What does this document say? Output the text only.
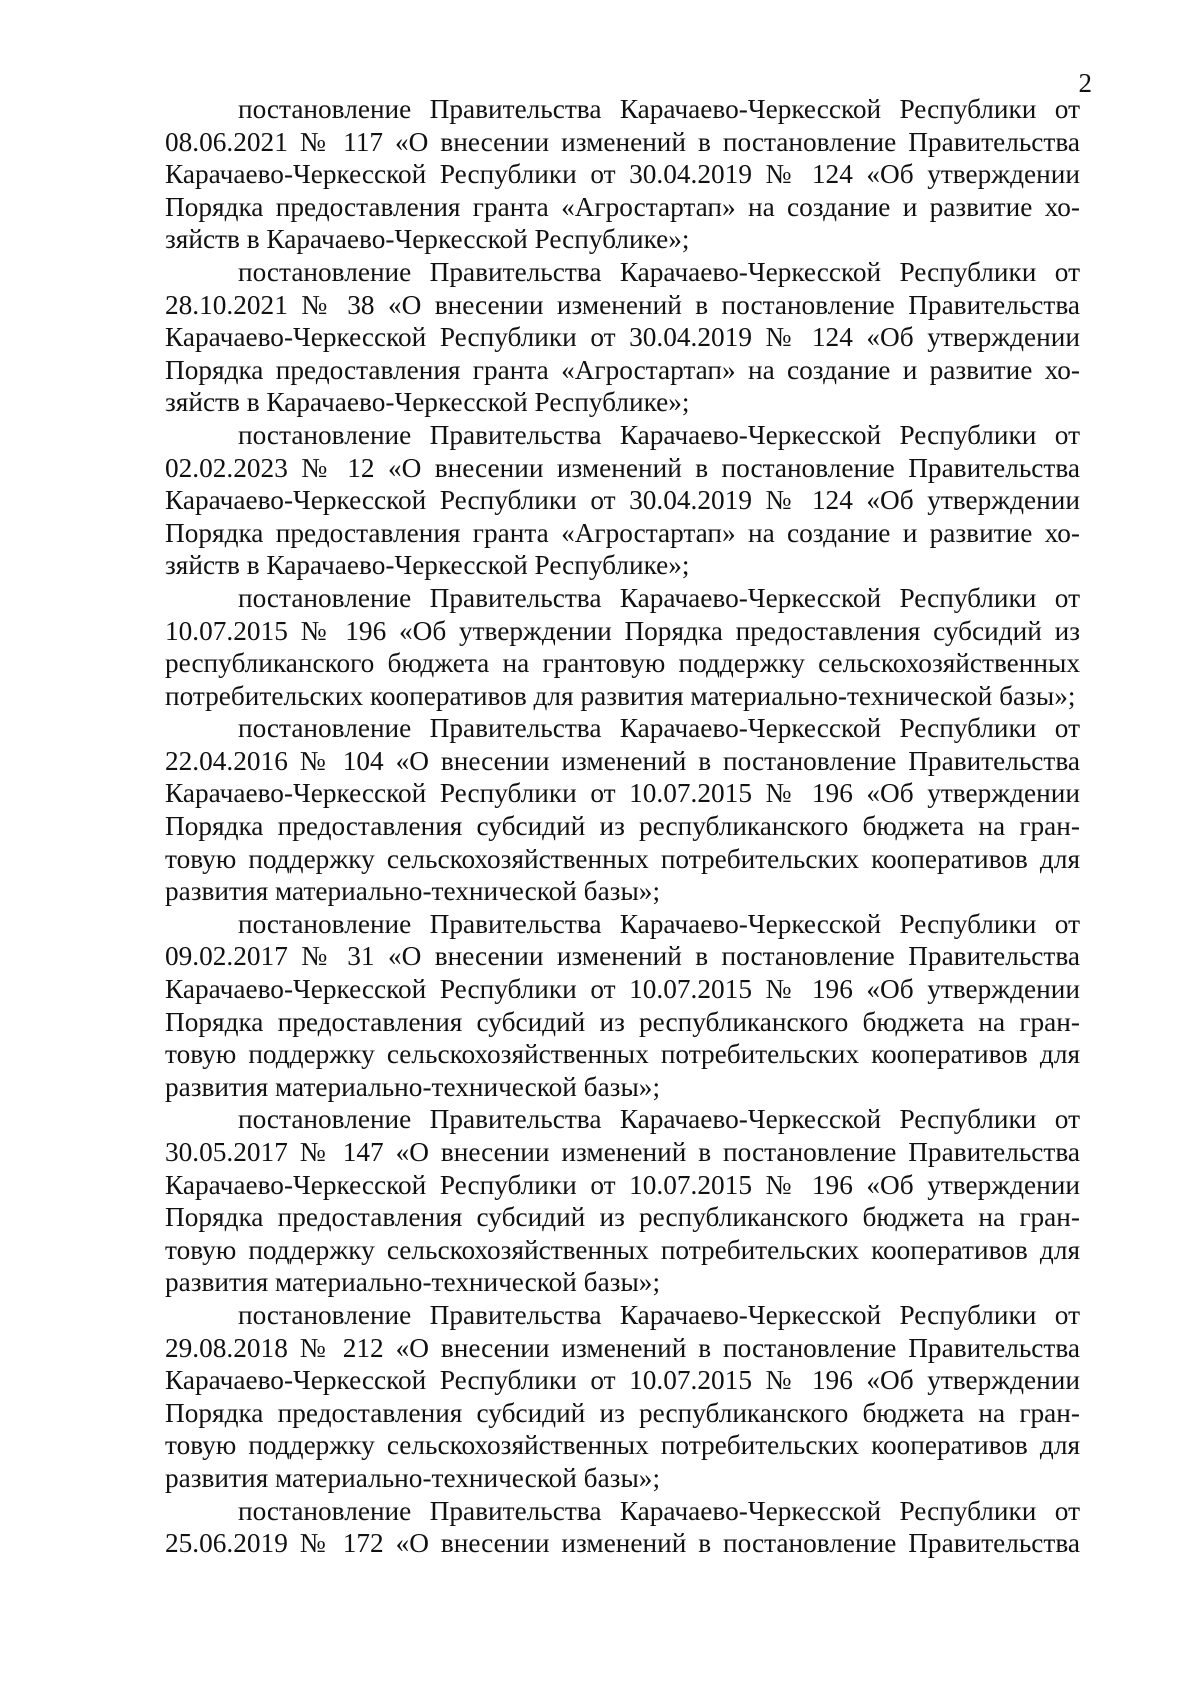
2

постановление Правительства Карачаево-Черкесской Республики от 08.06.2021 № 117 «О внесении изменений в постановление Правительства Карачаево-Черкесской Республики от 30.04.2019 № 124 «Об утверждении Порядка предоставления гранта «Агростартап» на создание и развитие хозяйств в Карачаево-Черкесской Республике»;

постановление Правительства Карачаево-Черкесской Республики от 28.10.2021 № 38 «О внесении изменений в постановление Правительства Карачаево-Черкесской Республики от 30.04.2019 № 124 «Об утверждении Порядка предоставления гранта «Агростартап» на создание и развитие хозяйств в Карачаево-Черкесской Республике»;

постановление Правительства Карачаево-Черкесской Республики от 02.02.2023 № 12 «О внесении изменений в постановление Правительства Карачаево-Черкесской Республики от 30.04.2019 № 124 «Об утверждении Порядка предоставления гранта «Агростартап» на создание и развитие хозяйств в Карачаево-Черкесской Республике»;

постановление Правительства Карачаево-Черкесской Республики от 10.07.2015 № 196 «Об утверждении Порядка предоставления субсидий из республиканского бюджета на грантовую поддержку сельскохозяйственных потребительских кооперативов для развития материально-технической базы»;

постановление Правительства Карачаево-Черкесской Республики от 22.04.2016 № 104 «О внесении изменений в постановление Правительства Карачаево-Черкесской Республики от 10.07.2015 № 196 «Об утверждении Порядка предоставления субсидий из республиканского бюджета на грантовую поддержку сельскохозяйственных потребительских кооперативов для развития материально-технической базы»;

постановление Правительства Карачаево-Черкесской Республики от 09.02.2017 № 31 «О внесении изменений в постановление Правительства Карачаево-Черкесской Республики от 10.07.2015 № 196 «Об утверждении Порядка предоставления субсидий из республиканского бюджета на грантовую поддержку сельскохозяйственных потребительских кооперативов для развития материально-технической базы»;

постановление Правительства Карачаево-Черкесской Республики от 30.05.2017 № 147 «О внесении изменений в постановление Правительства Карачаево-Черкесской Республики от 10.07.2015 № 196 «Об утверждении Порядка предоставления субсидий из республиканского бюджета на грантовую поддержку сельскохозяйственных потребительских кооперативов для развития материально-технической базы»;

постановление Правительства Карачаево-Черкесской Республики от 29.08.2018 № 212 «О внесении изменений в постановление Правительства Карачаево-Черкесской Республики от 10.07.2015 № 196 «Об утверждении Порядка предоставления субсидий из республиканского бюджета на грантовую поддержку сельскохозяйственных потребительских кооперативов для развития материально-технической базы»;

постановление Правительства Карачаево-Черкесской Республики от 25.06.2019 № 172 «О внесении изменений в постановление Правительства
